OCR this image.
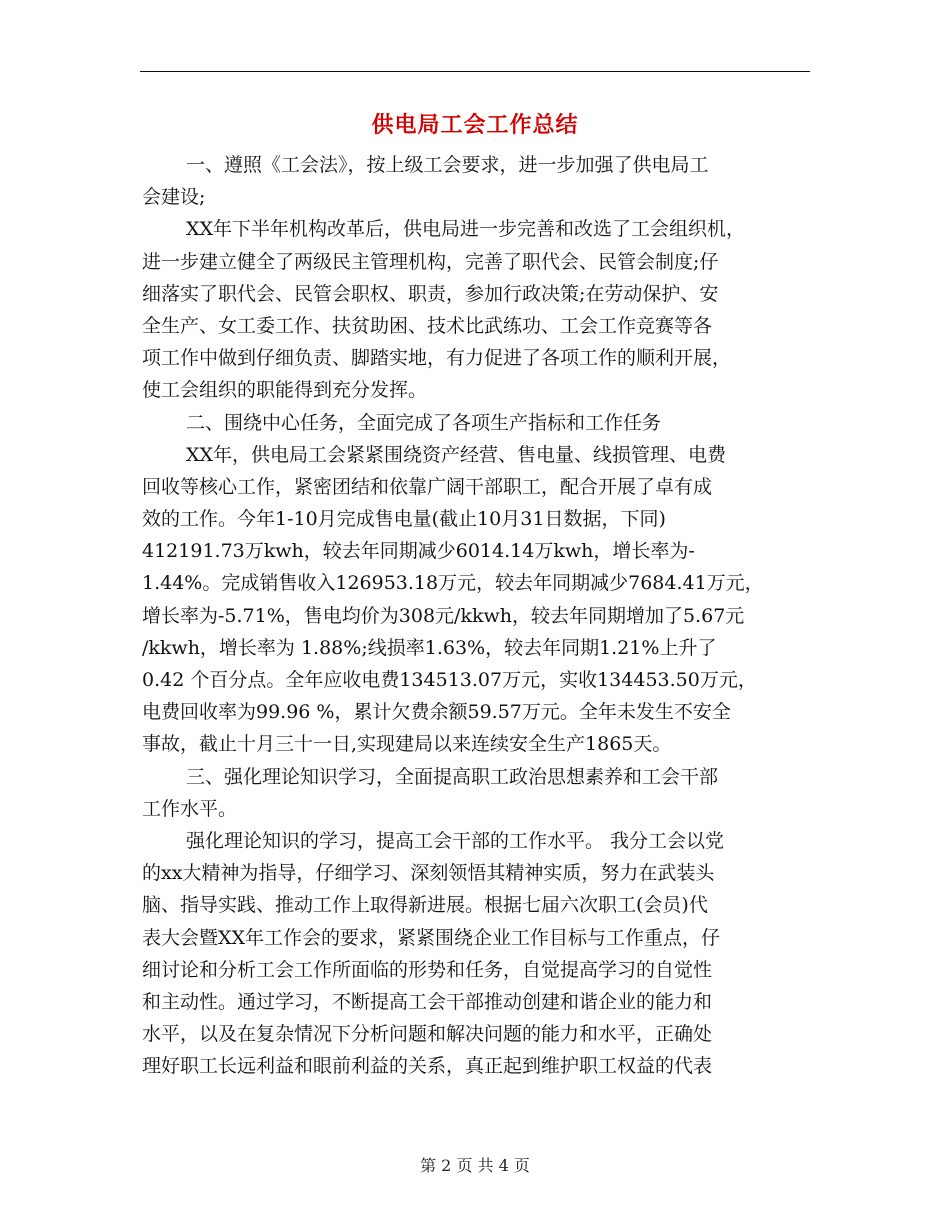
供电局工会工作总结
一、遵照《工会法》，按上级工会要求，进一步加强了供电局工
会建设;
XX年下半年机构改革后，供电局进一步完善和改选了工会组织机，
进一步建立健全了两级民主管理机构，完善了职代会、民管会制度;仔
细落实了职代会、民管会职权、职责，参加行政决策;在劳动保护、安
全生产、女工委工作、扶贫助困、技术比武练功、工会工作竞赛等各
项工作中做到仔细负责、脚踏实地，有力促进了各项工作的顺利开展，
使工会组织的职能得到充分发挥。
二、围绕中心任务，全面完成了各项生产指标和工作任务
XX年，供电局工会紧紧围绕资产经营、售电量、线损管理、电费
回收等核心工作，紧密团结和依靠广阔干部职工，配合开展了卓有成
效的工作。今年1-10月完成售电量(截止10月31日数据，下同)
412191.73万kwh，较去年同期减少6014.14万kwh，增长率为-
1.44%。完成销售收入126953.18万元，较去年同期减少7684.41万元，
增长率为-5.71%，售电均价为308元/kkwh，较去年同期增加了5.67元
/kkwh，增长率为 1.88%;线损率1.63%，较去年同期1.21%上升了
0.42 个百分点。全年应收电费134513.07万元，实收134453.50万元，
电费回收率为99.96 %，累计欠费余额59.57万元。全年未发生不安全
事故，截止十月三十一日,实现建局以来连续安全生产1865天。
三、强化理论知识学习，全面提高职工政治思想素养和工会干部
工作水平。
强化理论知识的学习，提高工会干部的工作水平。 我分工会以党
的xx大精神为指导，仔细学习、深刻领悟其精神实质，努力在武装头
脑、指导实践、推动工作上取得新进展。根据七届六次职工(会员)代
表大会暨XX年工作会的要求，紧紧围绕企业工作目标与工作重点，仔
细讨论和分析工会工作所面临的形势和任务，自觉提高学习的自觉性
和主动性。通过学习，不断提高工会干部推动创建和谐企业的能力和
水平，以及在复杂情况下分析问题和解决问题的能力和水平，正确处
理好职工长远利益和眼前利益的关系，真正起到维护职工权益的代表
第 2 页 共 4 页
